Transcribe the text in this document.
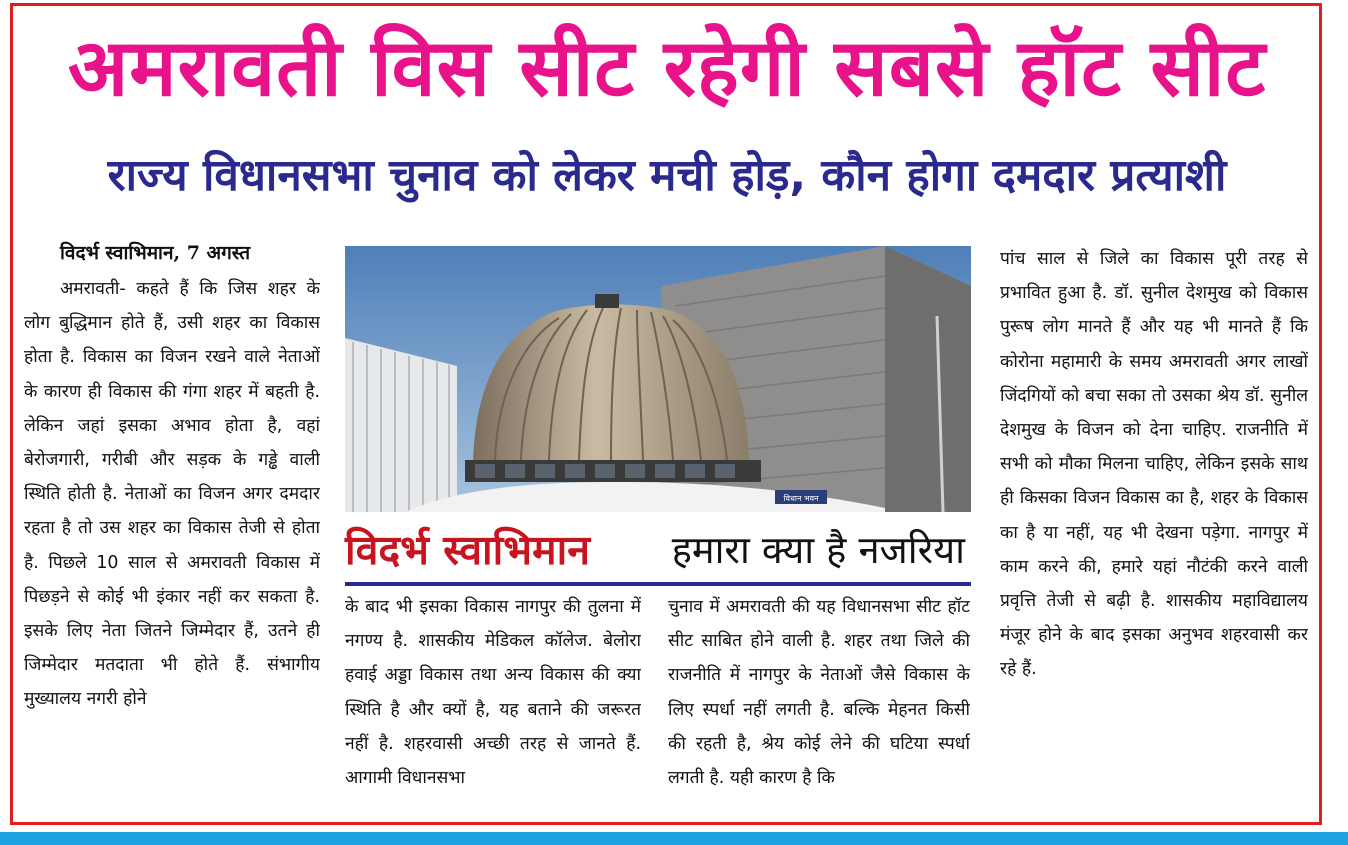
अमरावती विस सीट रहेगी सबसे हॉट सीट
राज्य विधानसभा चुनाव को लेकर मची होड़, कौन होगा दमदार प्रत्याशी
विदर्भ स्वाभिमान, 7 अगस्त

अमरावती- कहते हैं कि जिस शहर के लोग बुद्धिमान होते हैं, उसी शहर का विकास होता है. विकास का विजन रखने वाले नेताओं के कारण ही विकास की गंगा शहर में बहती है. लेकिन जहां इसका अभाव होता है, वहां बेरोजगारी, गरीबी और सड़क के गड्ढे वाली स्थिति होती है. नेताओं का विजन अगर दमदार रहता है तो उस शहर का विकास तेजी से होता है. पिछले 10 साल से अमरावती विकास में पिछड़ने से कोई भी इंकार नहीं कर सकता है. इसके लिए नेता जितने जिम्मेदार हैं, उतने ही जिम्मेदार मतदाता भी होते हैं. संभागीय मुख्यालय नगरी होने

विधान भवन
विदर्भ स्वाभिमान हमारा क्या है नजरिया

के बाद भी इसका विकास नागपुर की तुलना में नगण्य है. शासकीय मेडिकल कॉलेज. बेलोरा हवाई अड्डा विकास तथा अन्य विकास की क्या स्थिति है और क्यों है, यह बताने की जरूरत नहीं है. शहरवासी अच्छी तरह से जानते हैं. आगामी विधानसभा

चुनाव में अमरावती की यह विधानसभा सीट हॉट सीट साबित होने वाली है. शहर तथा जिले की राजनीति में नागपुर के नेताओं जैसे विकास के लिए स्पर्धा नहीं लगती है. बल्कि मेहनत किसी की रहती है, श्रेय कोई लेने की घटिया स्पर्धा लगती है. यही कारण है कि

पांच साल से जिले का विकास पूरी तरह से प्रभावित हुआ है. डॉ. सुनील देशमुख को विकास पुरूष लोग मानते हैं और यह भी मानते हैं कि कोरोना महामारी के समय अमरावती अगर लाखों जिंदगियों को बचा सका तो उसका श्रेय डॉ. सुनील देशमुख के विजन को देना चाहिए. राजनीति में सभी को मौका मिलना चाहिए, लेकिन इसके साथ ही किसका विजन विकास का है, शहर के विकास का है या नहीं, यह भी देखना पड़ेगा. नागपुर में काम करने की, हमारे यहां नौटंकी करने वाली प्रवृत्ति तेजी से बढ़ी है. शासकीय महाविद्यालय मंजूर होने के बाद इसका अनुभव शहरवासी कर रहे हैं.
